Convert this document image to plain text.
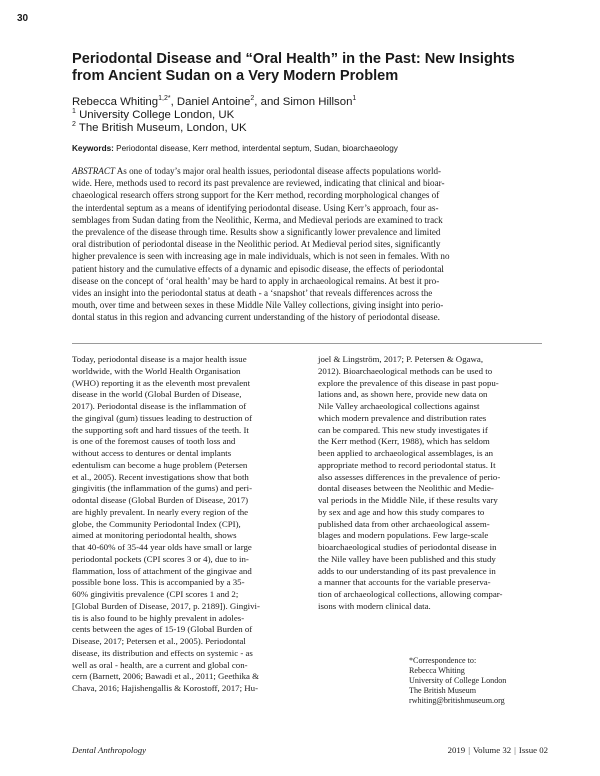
30
Periodontal Disease and “Oral Health” in the Past: New Insights
from Ancient Sudan on a Very Modern Problem
Rebecca Whiting$^{1,2*}$, Daniel Antoine$^2$, and Simon Hillson$^1$
$^1$ University College London, UK
$^2$ The British Museum, London, UK
Keywords: Periodontal disease, Kerr method, interdental septum, Sudan, bioarchaeology
ABSTRACT As one of today’s major oral health issues, periodontal disease affects populations world-
wide. Here, methods used to record its past prevalence are reviewed, indicating that clinical and bioar-
chaeological research offers strong support for the Kerr method, recording morphological changes of
the interdental septum as a means of identifying periodontal disease. Using Kerr’s approach, four as-
semblages from Sudan dating from the Neolithic, Kerma, and Medieval periods are examined to track
the prevalence of the disease through time. Results show a significantly lower prevalence and limited
oral distribution of periodontal disease in the Neolithic period. At Medieval period sites, significantly
higher prevalence is seen with increasing age in male individuals, which is not seen in females. With no
patient history and the cumulative effects of a dynamic and episodic disease, the effects of periodontal
disease on the concept of ‘oral health’ may be hard to apply in archaeological remains. At best it pro-
vides an insight into the periodontal status at death - a ‘snapshot’ that reveals differences across the
mouth, over time and between sexes in these Middle Nile Valley collections, giving insight into perio-
dontal status in this region and advancing current understanding of the history of periodontal disease.
Today, periodontal disease is a major health issue
worldwide, with the World Health Organisation
(WHO) reporting it as the eleventh most prevalent
disease in the world (Global Burden of Disease,
2017). Periodontal disease is the inflammation of
the gingival (gum) tissues leading to destruction of
the supporting soft and hard tissues of the teeth. It
is one of the foremost causes of tooth loss and
without access to dentures or dental implants
edentulism can become a huge problem (Petersen
et al., 2005). Recent investigations show that both
gingivitis (the inflammation of the gums) and peri-
odontal disease (Global Burden of Disease, 2017)
are highly prevalent. In nearly every region of the
globe, the Community Periodontal Index (CPI),
aimed at monitoring periodontal health, shows
that 40-60% of 35-44 year olds have small or large
periodontal pockets (CPI scores 3 or 4), due to in-
flammation, loss of attachment of the gingivae and
possible bone loss. This is accompanied by a 35-
60% gingivitis prevalence (CPI scores 1 and 2;
[Global Burden of Disease, 2017, p. 2189]). Gingivi-
tis is also found to be highly prevalent in adoles-
cents between the ages of 15-19 (Global Burden of
Disease, 2017; Petersen et al., 2005). Periodontal
disease, its distribution and effects on systemic - as
well as oral - health, are a current and global con-
cern (Barnett, 2006; Bawadi et al., 2011; Geethika &
Chava, 2016; Hajishengallis & Korostoff, 2017; Hu-
joel & Lingström, 2017; P. Petersen & Ogawa,
2012). Bioarchaeological methods can be used to
explore the prevalence of this disease in past popu-
lations and, as shown here, provide new data on
Nile Valley archaeological collections against
which modern prevalence and distribution rates
can be compared. This new study investigates if
the Kerr method (Kerr, 1988), which has seldom
been applied to archaeological assemblages, is an
appropriate method to record periodontal status. It
also assesses differences in the prevalence of perio-
dontal diseases between the Neolithic and Medie-
val periods in the Middle Nile, if these results vary
by sex and age and how this study compares to
published data from other archaeological assem-
blages and modern populations. Few large-scale
bioarchaeological studies of periodontal disease in
the Nile valley have been published and this study
adds to our understanding of its past prevalence in
a manner that accounts for the variable preserva-
tion of archaeological collections, allowing compar-
isons with modern clinical data.
*Correspondence to:
Rebecca Whiting
University of College London
The British Museum
rwhiting@britishmuseum.org
Dental Anthropology	2019 | Volume 32 | Issue 02
